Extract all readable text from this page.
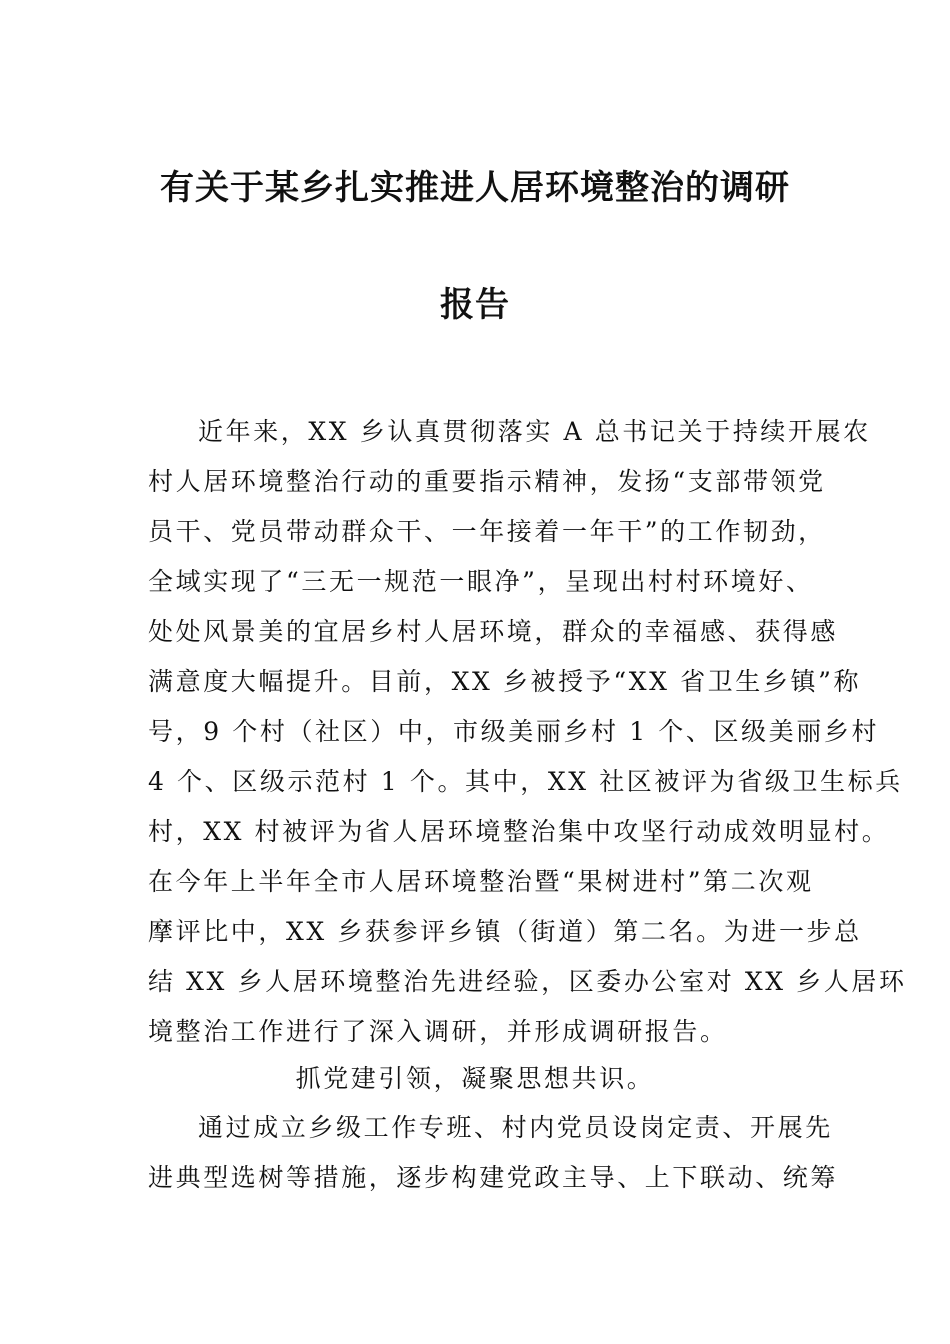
有关于某乡扎实推进人居环境整治的调研
报告
近年来，XX 乡认真贯彻落实 A 总书记关于持续开展农
村人居环境整治行动的重要指示精神，发扬“支部带领党
员干、党员带动群众干、一年接着一年干”的工作韧劲，
全域实现了“三无一规范一眼净”，呈现出村村环境好、
处处风景美的宜居乡村人居环境，群众的幸福感、获得感
满意度大幅提升。目前，XX 乡被授予“XX 省卫生乡镇”称
号，9 个村（社区）中，市级美丽乡村 1 个、区级美丽乡村
4 个、区级示范村 1 个。其中，XX 社区被评为省级卫生标兵
村，XX 村被评为省人居环境整治集中攻坚行动成效明显村。
在今年上半年全市人居环境整治暨“果树进村”第二次观
摩评比中，XX 乡获参评乡镇（街道）第二名。为进一步总
结 XX 乡人居环境整治先进经验，区委办公室对 XX 乡人居环
境整治工作进行了深入调研，并形成调研报告。
抓党建引领，凝聚思想共识。
通过成立乡级工作专班、村内党员设岗定责、开展先
进典型选树等措施，逐步构建党政主导、上下联动、统筹
